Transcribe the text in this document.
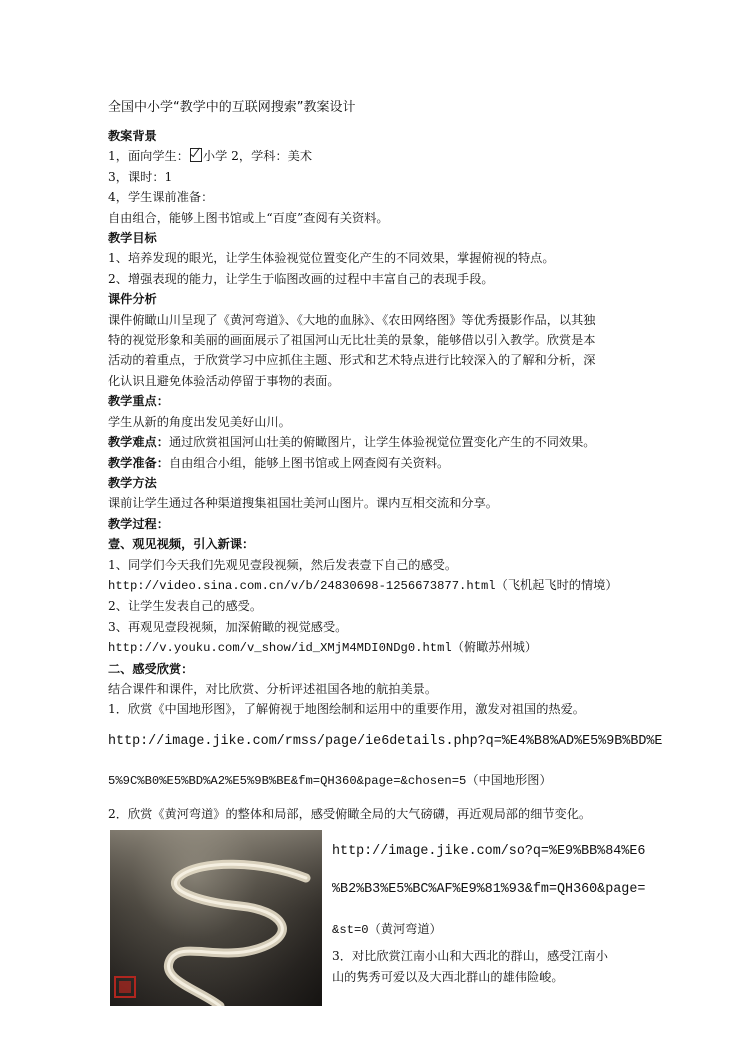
全国中小学“教学中的互联网搜索”教案设计
教案背景
1，面向学生： 小学 2，学科：美术
3，课时：1
4，学生课前准备：
自由组合，能够上图书馆或上“百度”查阅有关资料。
教学目标
1、培养发现的眼光，让学生体验视觉位置变化产生的不同效果，掌握俯视的特点。
2、增强表现的能力，让学生于临图改画的过程中丰富自己的表现手段。
课件分析
课件俯瞰山川呈现了《黄河弯道》、《大地的血脉》、《农田网络图》等优秀摄影作品，以其独
特的视觉形象和美丽的画面展示了祖国河山无比壮美的景象，能够借以引入教学。欣赏是本
活动的着重点，于欣赏学习中应抓住主题、形式和艺术特点进行比较深入的了解和分析，深
化认识且避免体验活动停留于事物的表面。
教学重点：
学生从新的角度出发见美好山川。
教学难点：通过欣赏祖国河山壮美的俯瞰图片，让学生体验视觉位置变化产生的不同效果。
教学准备：自由组合小组，能够上图书馆或上网查阅有关资料。
教学方法
课前让学生通过各种渠道搜集祖国壮美河山图片。课内互相交流和分享。
教学过程：
壹、观见视频，引入新课：
1、同学们今天我们先观见壹段视频，然后发表壹下自己的感受。
http://video.sina.com.cn/v/b/24830698-1256673877.html（飞机起飞时的情境）
2、让学生发表自己的感受。
3、再观见壹段视频，加深俯瞰的视觉感受。
http://v.youku.com/v_show/id_XMjM4MDI0NDg0.html（俯瞰苏州城）
二、感受欣赏：
结合课件和课件，对比欣赏、分析评述祖国各地的航拍美景。
1．欣赏《中国地形图》，了解俯视于地图绘制和运用中的重要作用，激发对祖国的热爱。
http://image.jike.com/rmss/page/ie6details.php?q=%E4%B8%AD%E5%9B%BD%E
5%9C%B0%E5%BD%A2%E5%9B%BE&fm=QH360&page=&chosen=5（中国地形图）
2．欣赏《黄河弯道》的整体和局部，感受俯瞰全局的大气磅礴，再近观局部的细节变化。
http://image.jike.com/so?q=%E9%BB%84%E6
%B2%B3%E5%BC%AF%E9%81%93&fm=QH360&page=
&st=0（黄河弯道）
3．对比欣赏江南小山和大西北的群山，感受江南小
山的隽秀可爱以及大西北群山的雄伟险峻。
